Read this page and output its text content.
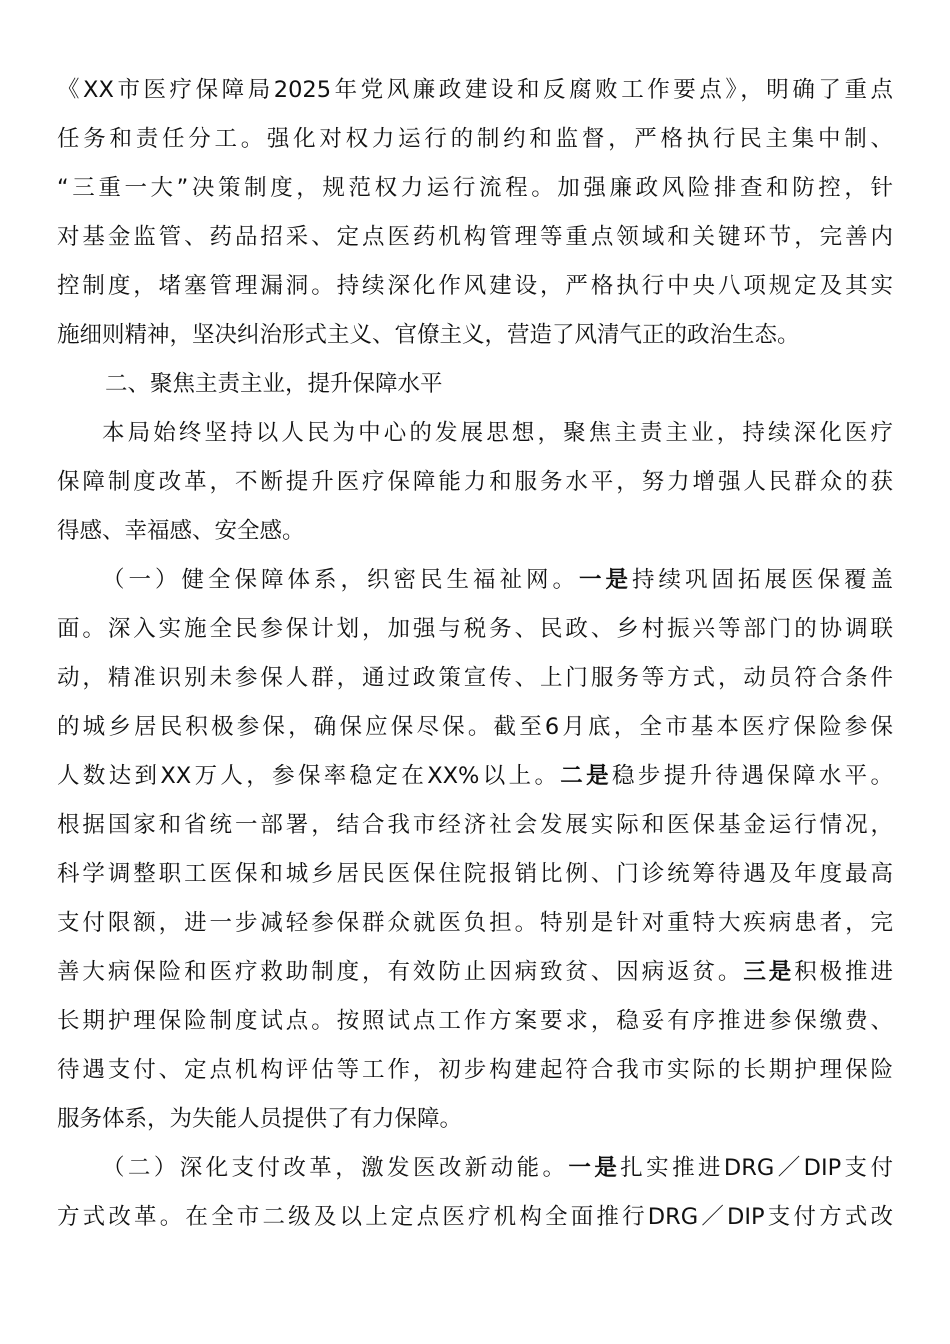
《XX市医疗保障局2025年党风廉政建设和反腐败工作要点》，明确了重点
任务和责任分工。强化对权力运行的制约和监督，严格执行民主集中制、
“三重一大”决策制度，规范权力运行流程。加强廉政风险排查和防控，针
对基金监管、药品招采、定点医药机构管理等重点领域和关键环节，完善内
控制度，堵塞管理漏洞。持续深化作风建设，严格执行中央八项规定及其实
施细则精神，坚决纠治形式主义、官僚主义，营造了风清气正的政治生态。
二、聚焦主责主业，提升保障水平
本局始终坚持以人民为中心的发展思想，聚焦主责主业，持续深化医疗
保障制度改革，不断提升医疗保障能力和服务水平，努力增强人民群众的获
得感、幸福感、安全感。
（一）健全保障体系，织密民生福祉网。一是持续巩固拓展医保覆盖
面。深入实施全民参保计划，加强与税务、民政、乡村振兴等部门的协调联
动，精准识别未参保人群，通过政策宣传、上门服务等方式，动员符合条件
的城乡居民积极参保，确保应保尽保。截至6月底，全市基本医疗保险参保
人数达到XX万人，参保率稳定在XX%以上。二是稳步提升待遇保障水平。
根据国家和省统一部署，结合我市经济社会发展实际和医保基金运行情况，
科学调整职工医保和城乡居民医保住院报销比例、门诊统筹待遇及年度最高
支付限额，进一步减轻参保群众就医负担。特别是针对重特大疾病患者，完
善大病保险和医疗救助制度，有效防止因病致贫、因病返贫。三是积极推进
长期护理保险制度试点。按照试点工作方案要求，稳妥有序推进参保缴费、
待遇支付、定点机构评估等工作，初步构建起符合我市实际的长期护理保险
服务体系，为失能人员提供了有力保障。
（二）深化支付改革，激发医改新动能。一是扎实推进DRG／DIP支付
方式改革。在全市二级及以上定点医疗机构全面推行DRG／DIP支付方式改
